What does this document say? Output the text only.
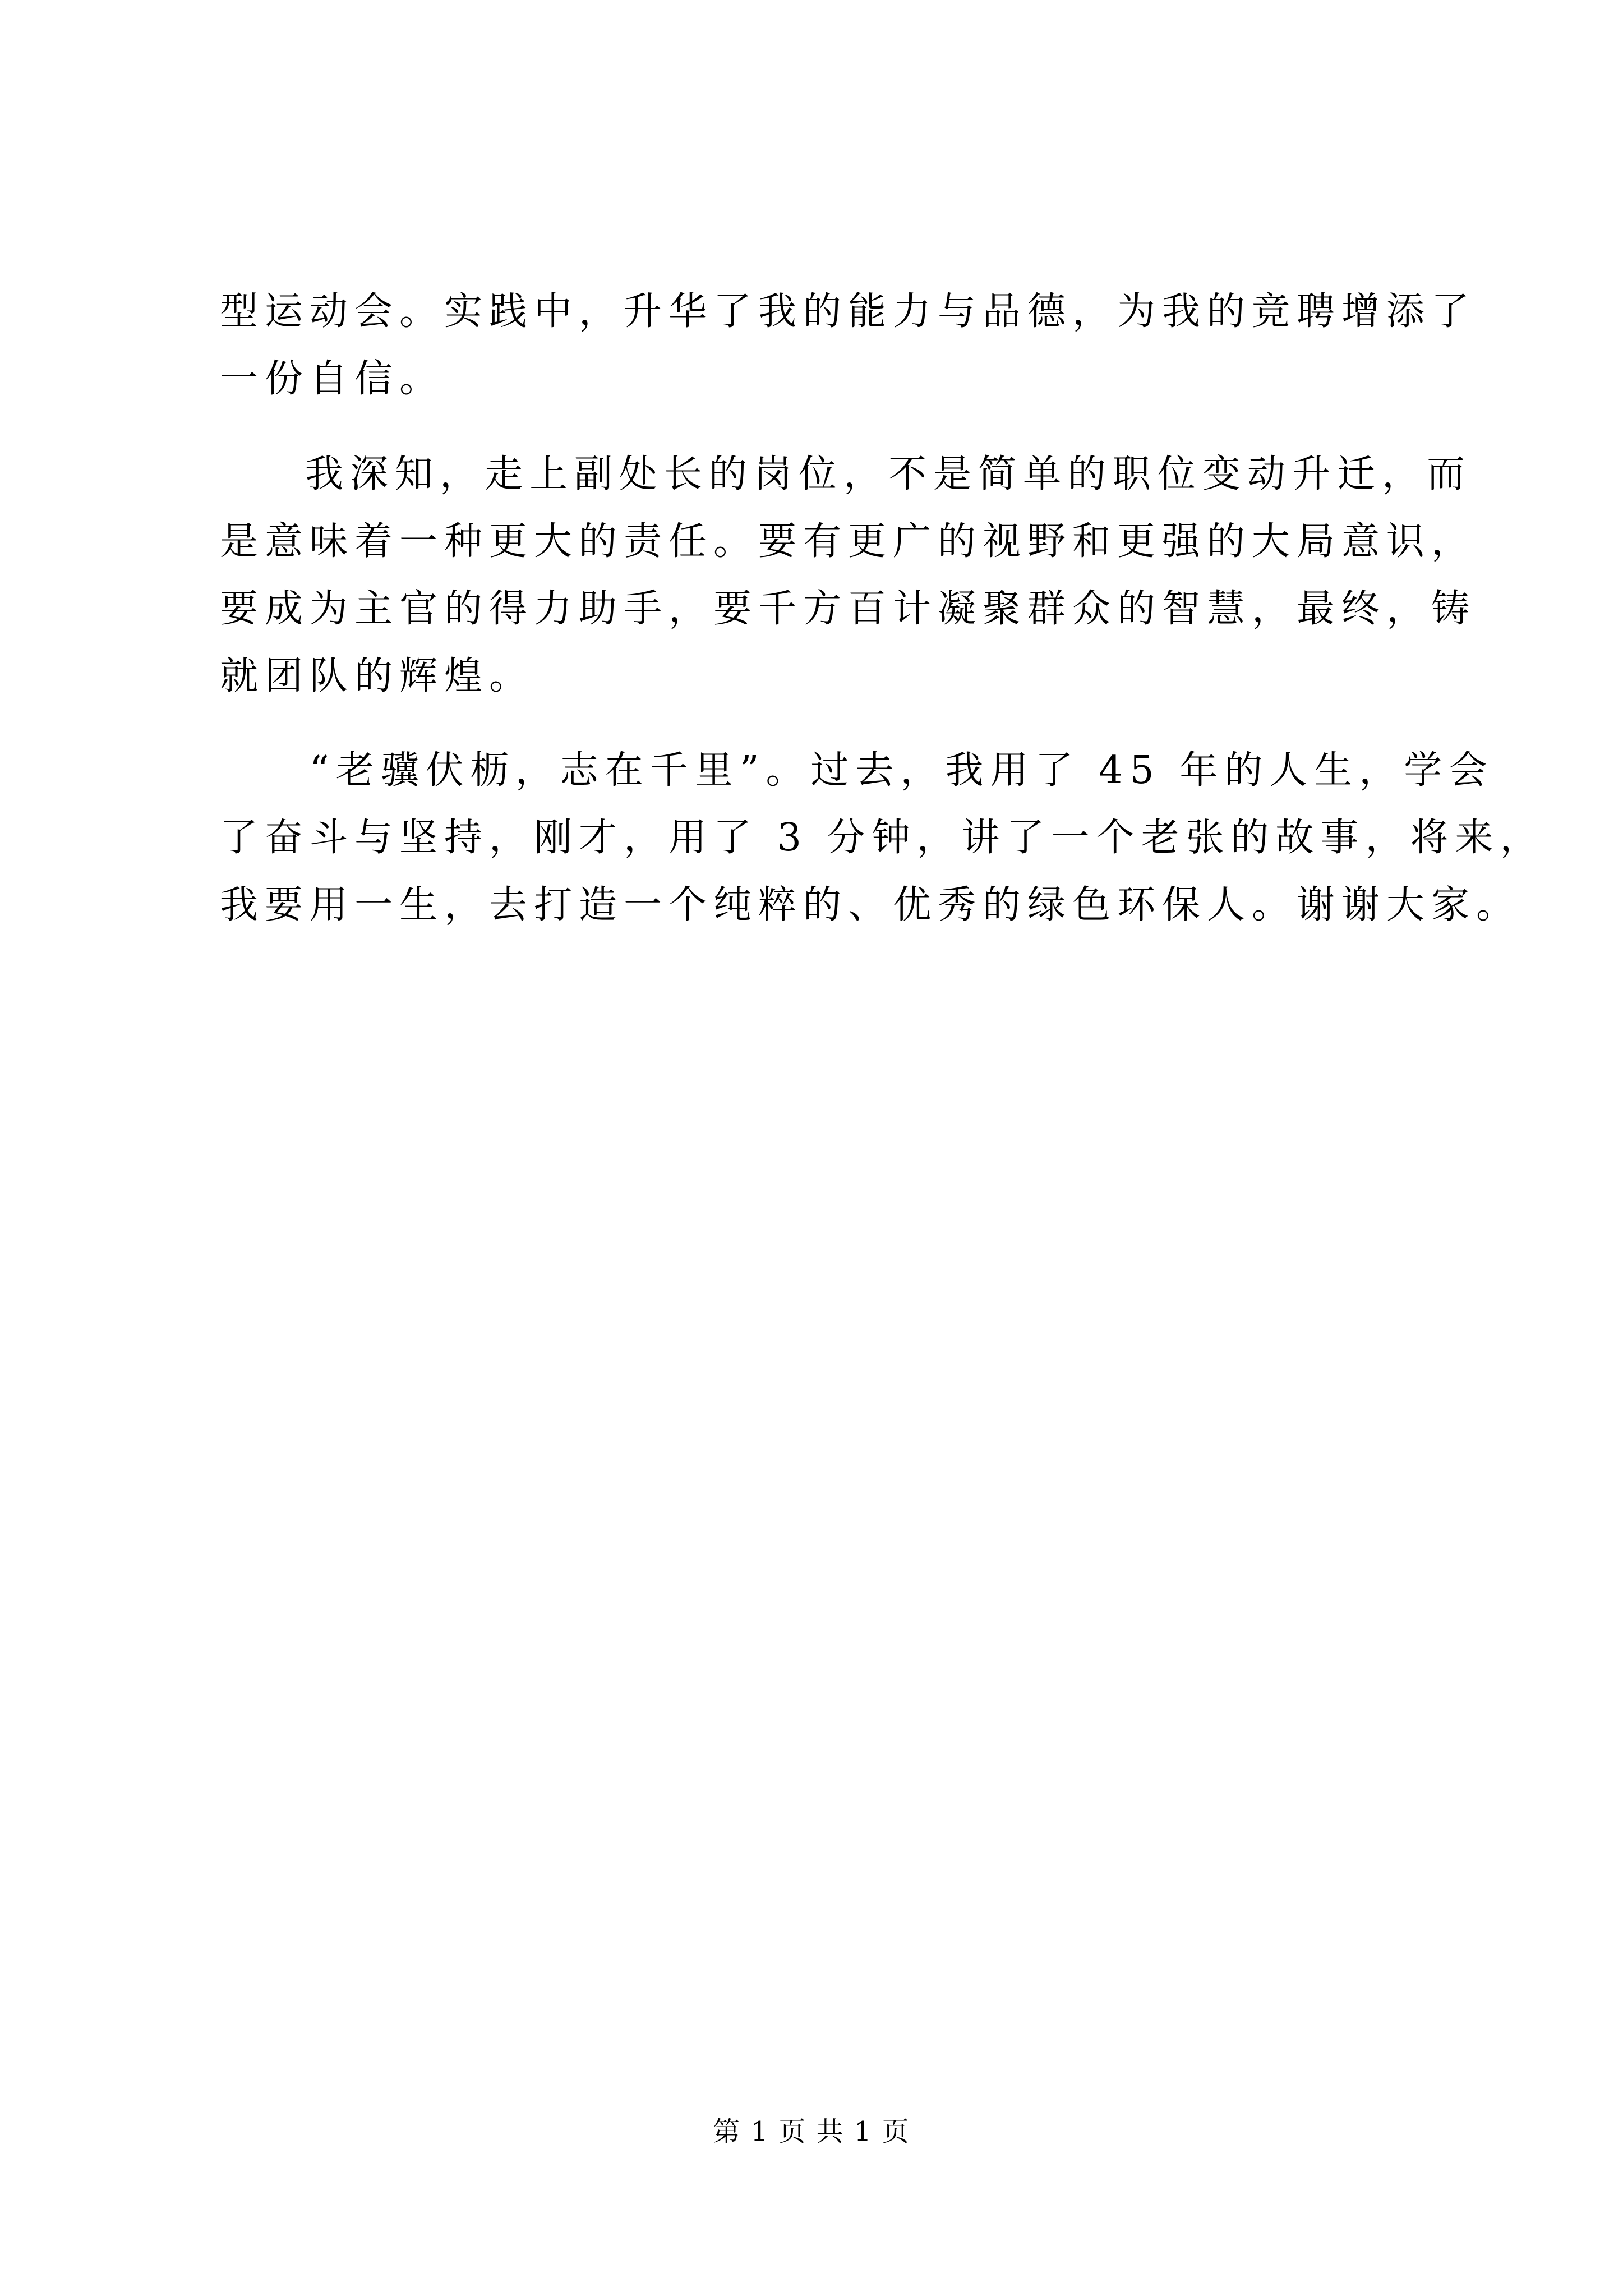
型运动会。实践中，升华了我的能力与品德，为我的竞聘增添了
一份自信。
我深知，走上副处长的岗位，不是简单的职位变动升迁，而
是意味着一种更大的责任。要有更广的视野和更强的大局意识，
要成为主官的得力助手，要千方百计凝聚群众的智慧，最终，铸
就团队的辉煌。
“老骥伏枥，志在千里”。过去，我用了 45 年的人生，学会
了奋斗与坚持，刚才，用了 3 分钟，讲了一个老张的故事，将来，
我要用一生，去打造一个纯粹的、优秀的绿色环保人。谢谢大家。
第 1 页 共 1 页
